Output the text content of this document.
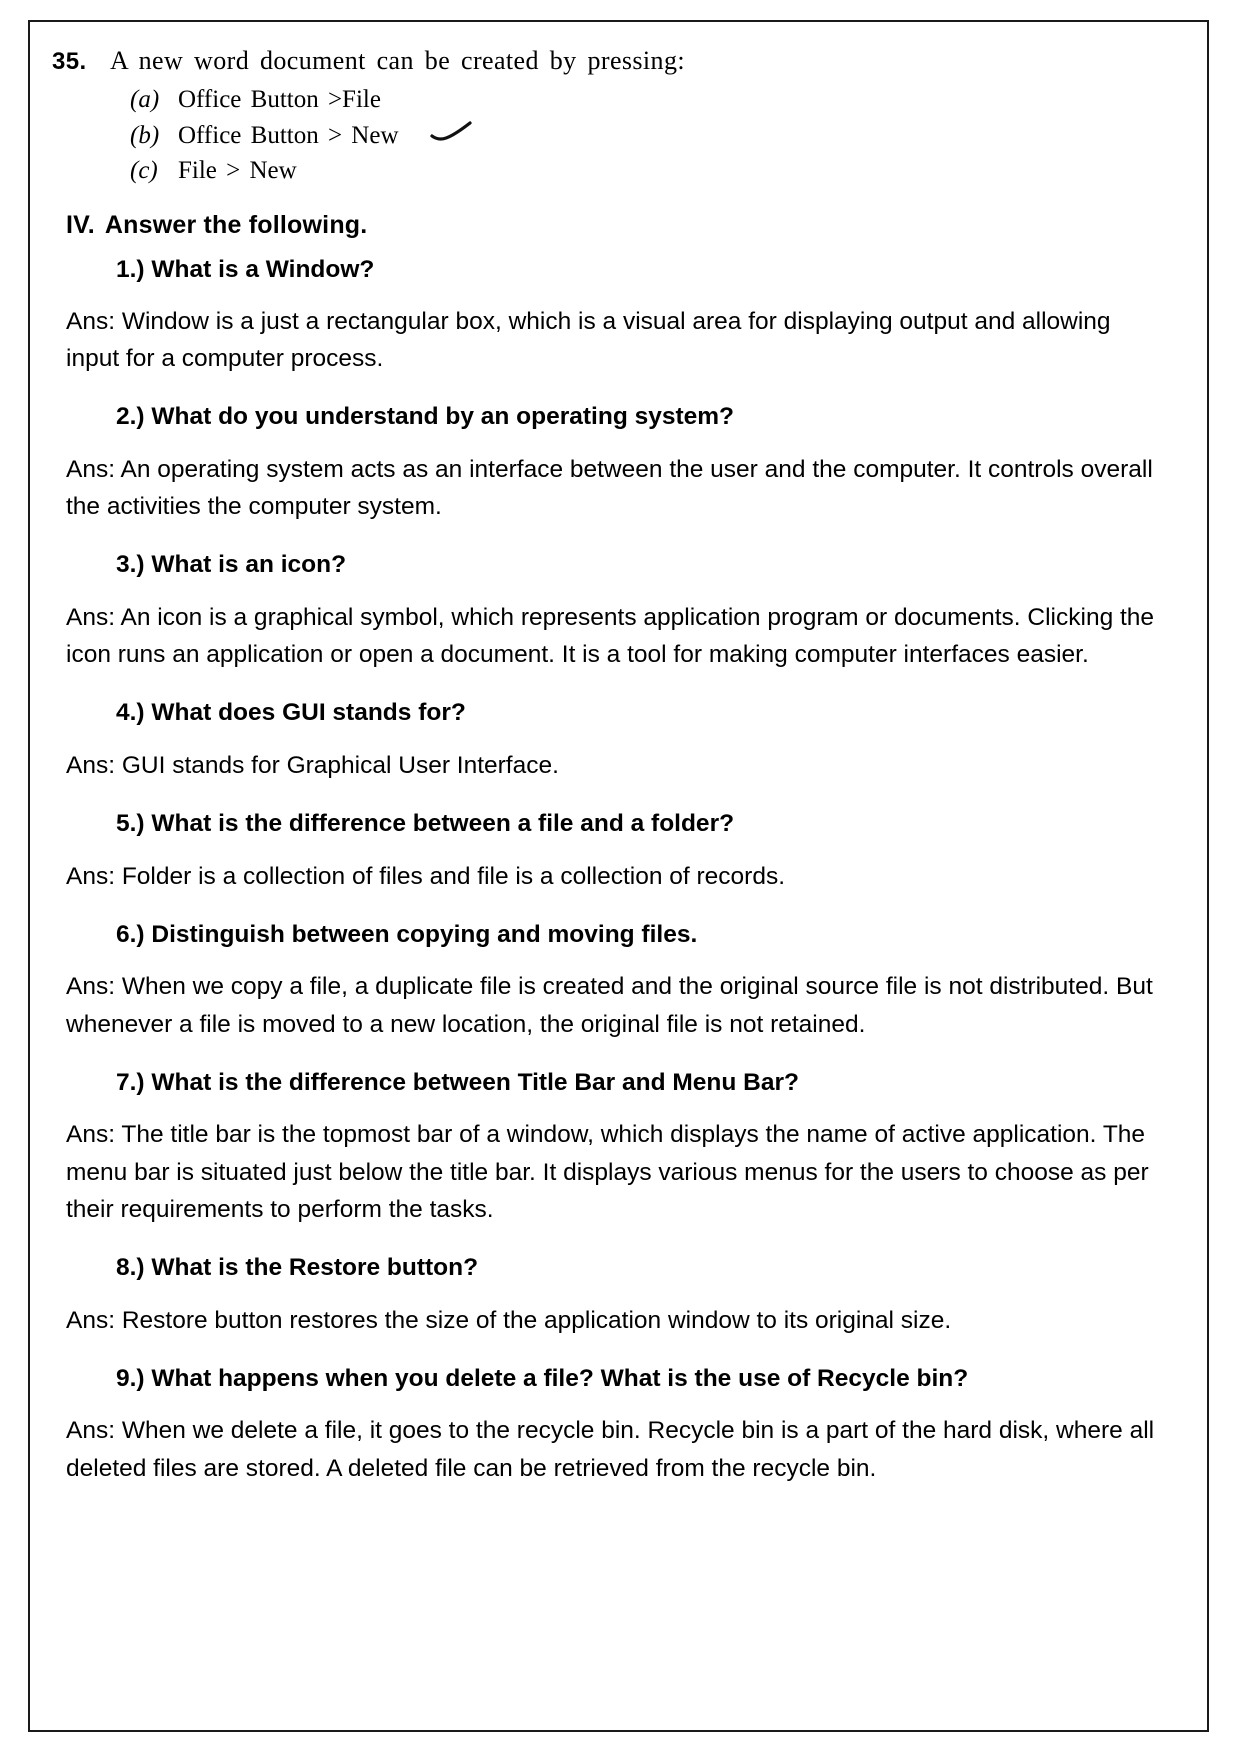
35. A new word document can be created by pressing:
(a) Office Button >File
(b) Office Button > New
(c) File > New
IV. Answer the following.
1.) What is a Window?
Ans: Window is a just a rectangular box, which is a visual area for displaying output and allowing input for a computer process.
2.) What do you understand by an operating system?
Ans: An operating system acts as an interface between the user and the computer. It controls overall the activities the computer system.
3.) What is an icon?
Ans: An icon is a graphical symbol, which represents application program or documents. Clicking the icon runs an application or open a document. It is a tool for making computer interfaces easier.
4.) What does GUI stands for?
Ans: GUI stands for Graphical User Interface.
5.) What is the difference between a file and a folder?
Ans: Folder is a collection of files and file is a collection of records.
6.) Distinguish between copying and moving files.
Ans: When we copy a file, a duplicate file is created and the original source file is not distributed. But whenever a file is moved to a new location, the original file is not retained.
7.) What is the difference between Title Bar and Menu Bar?
Ans: The title bar is the topmost bar of a window, which displays the name of active application. The menu bar is situated just below the title bar. It displays various menus for the users to choose as per their requirements to perform the tasks.
8.) What is the Restore button?
Ans: Restore button restores the size of the application window to its original size.
9.) What happens when you delete a file? What is the use of Recycle bin?
Ans: When we delete a file, it goes to the recycle bin. Recycle bin is a part of the hard disk, where all deleted files are stored. A deleted file can be retrieved from the recycle bin.
